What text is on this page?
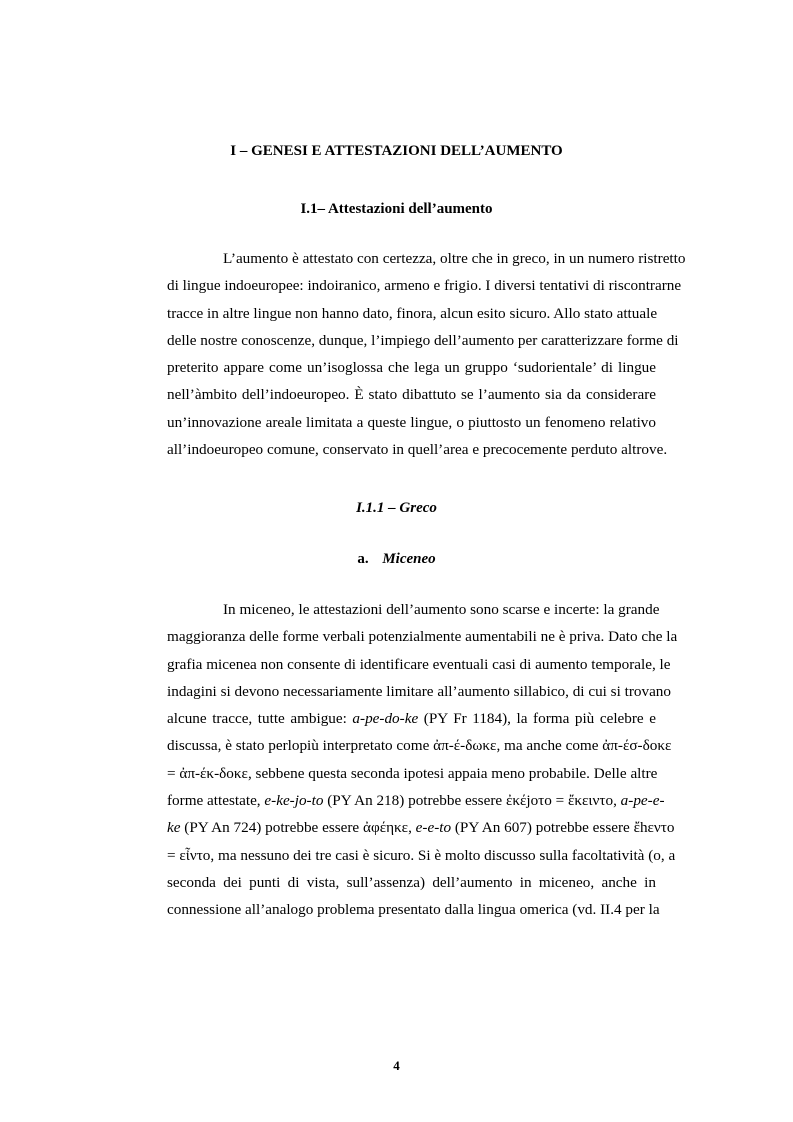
I – GENESI E ATTESTAZIONI DELL’AUMENTO
I.1– Attestazioni dell’aumento
L’aumento è attestato con certezza, oltre che in greco, in un numero ristretto
di lingue indoeuropee: indoiranico, armeno e frigio. I diversi tentativi di riscontrarne
tracce in altre lingue non hanno dato, finora, alcun esito sicuro. Allo stato attuale
delle nostre conoscenze, dunque, l’impiego dell’aumento per caratterizzare forme di
preterito appare come un’isoglossa che lega un gruppo ‘sudorientale’ di lingue
nell’àmbito dell’indoeuropeo. È stato dibattuto se l’aumento sia da considerare
un’innovazione areale limitata a queste lingue, o piuttosto un fenomeno relativo
all’indoeuropeo comune, conservato in quell’area e precocemente perduto altrove.
I.1.1 – Greco
a. Miceneo
In miceneo, le attestazioni dell’aumento sono scarse e incerte: la grande
maggioranza delle forme verbali potenzialmente aumentabili ne è priva. Dato che la
grafia micenea non consente di identificare eventuali casi di aumento temporale, le
indagini si devono necessariamente limitare all’aumento sillabico, di cui si trovano
alcune tracce, tutte ambigue: a-pe-do-ke (PY Fr 1184), la forma più celebre e
discussa, è stato perlopiù interpretato come ἀπ-έ-δωκε, ma anche come ἀπ-έσ-δοκε
= ἀπ-έκ-δοκε, sebbene questa seconda ipotesi appaia meno probabile. Delle altre
forme attestate, e-ke-jo-to (PY An 218) potrebbe essere ἐκέjοτο = ἔκειντο, a-pe-e-
ke (PY An 724) potrebbe essere ἀφέηκε, e-e-to (PY An 607) potrebbe essere ἔhεντο
= εἶντο, ma nessuno dei tre casi è sicuro. Si è molto discusso sulla facoltatività (o, a
seconda dei punti di vista, sull’assenza) dell’aumento in miceneo, anche in
connessione all’analogo problema presentato dalla lingua omerica (vd. II.4 per la
4
